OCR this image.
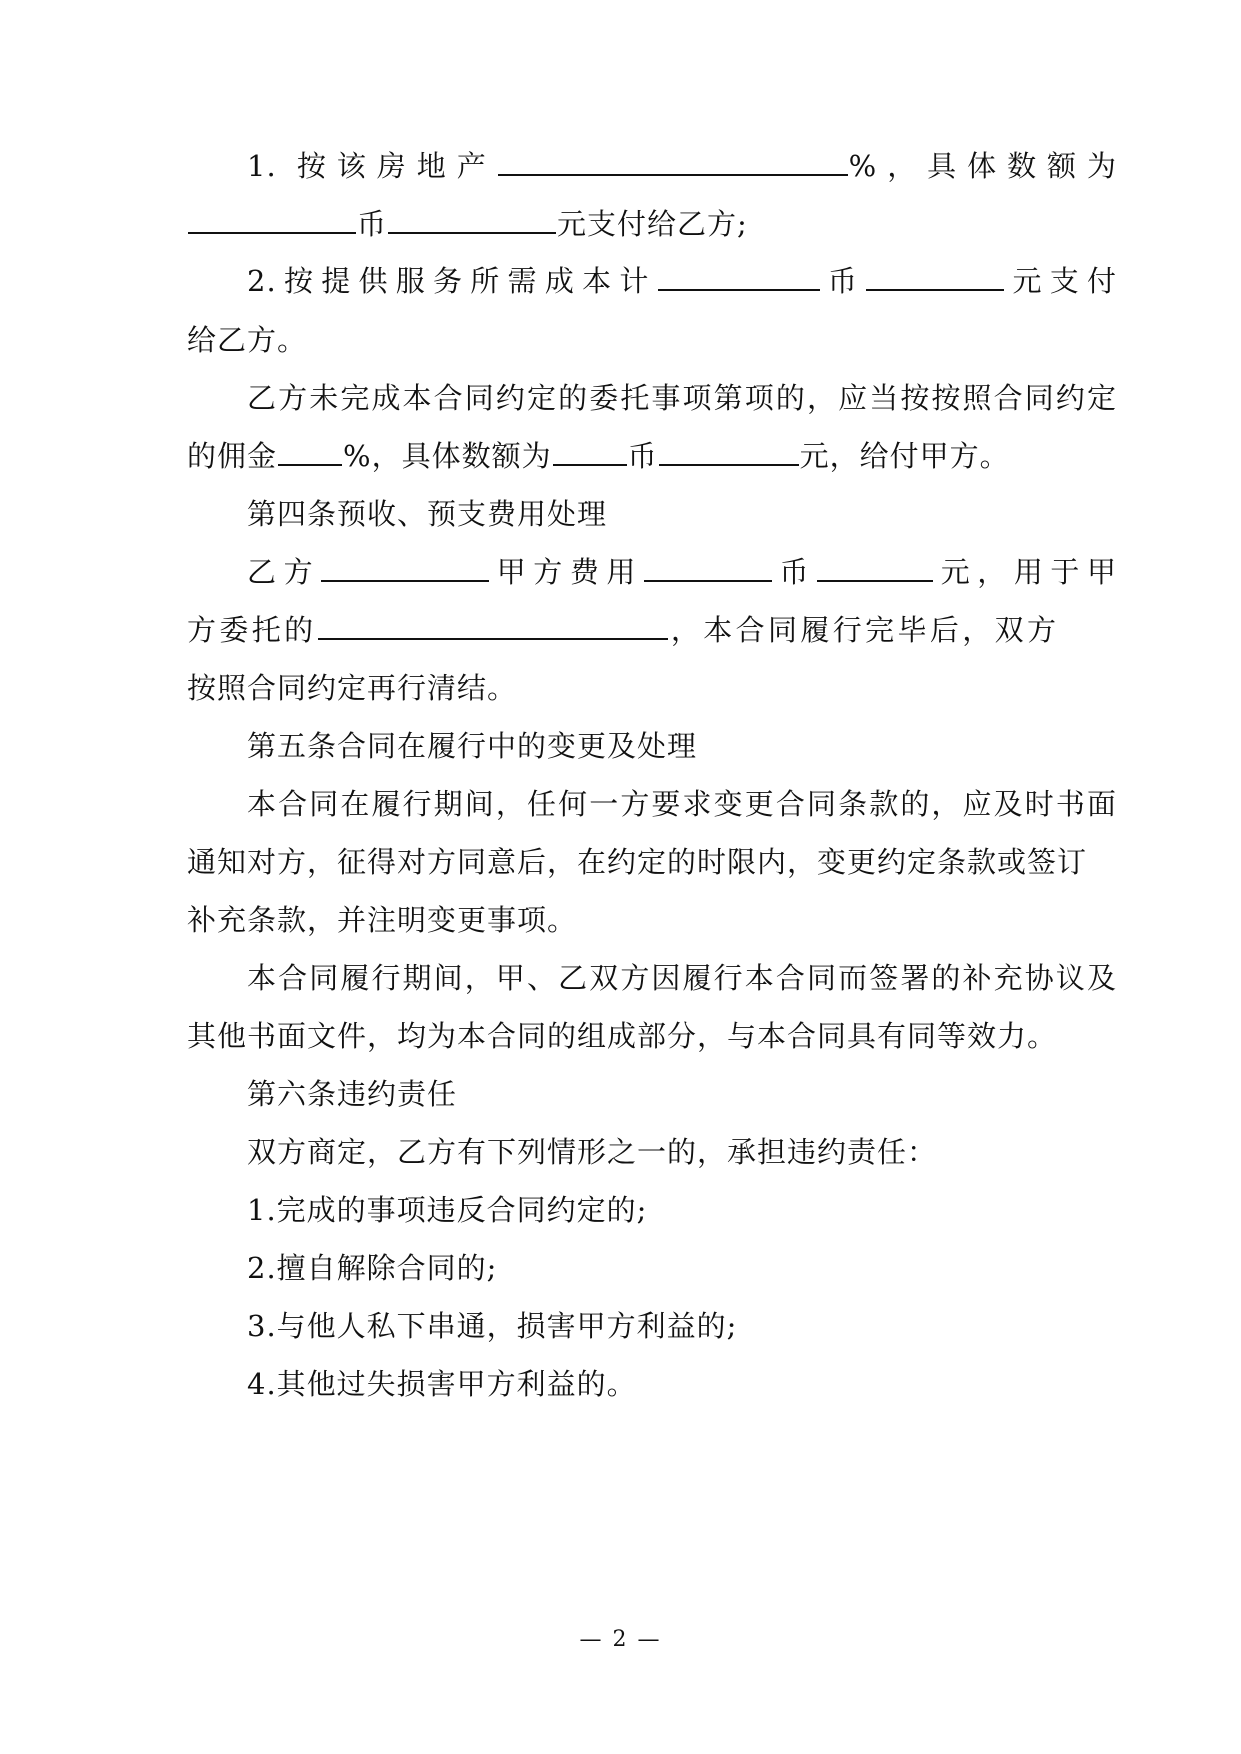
1. 按该房地产	%，具体数额为
币	元支付给乙方;
2.按提供服务所需成本计	币	元支付
给乙方。
乙方未完成本合同约定的委托事项第项的，应当按按照合同约定
的佣金 %，具体数额为	币	元，给付甲方。
第四条预收、预支费用处理
乙方	甲方费用	币	元，用于甲
方委托的	，本合同履行完毕后，双方
按照合同约定再行清结。
第五条合同在履行中的变更及处理
本合同在履行期间，任何一方要求变更合同条款的，应及时书面
通知对方，征得对方同意后，在约定的时限内，变更约定条款或签订
补充条款，并注明变更事项。
本合同履行期间，甲、乙双方因履行本合同而签署的补充协议及
其他书面文件，均为本合同的组成部分，与本合同具有同等效力。
第六条违约责任
双方商定，乙方有下列情形之一的，承担违约责任：
1.完成的事项违反合同约定的;
2.擅自解除合同的;
3.与他人私下串通，损害甲方利益的;
4.其他过失损害甲方利益的。
— 2 —
